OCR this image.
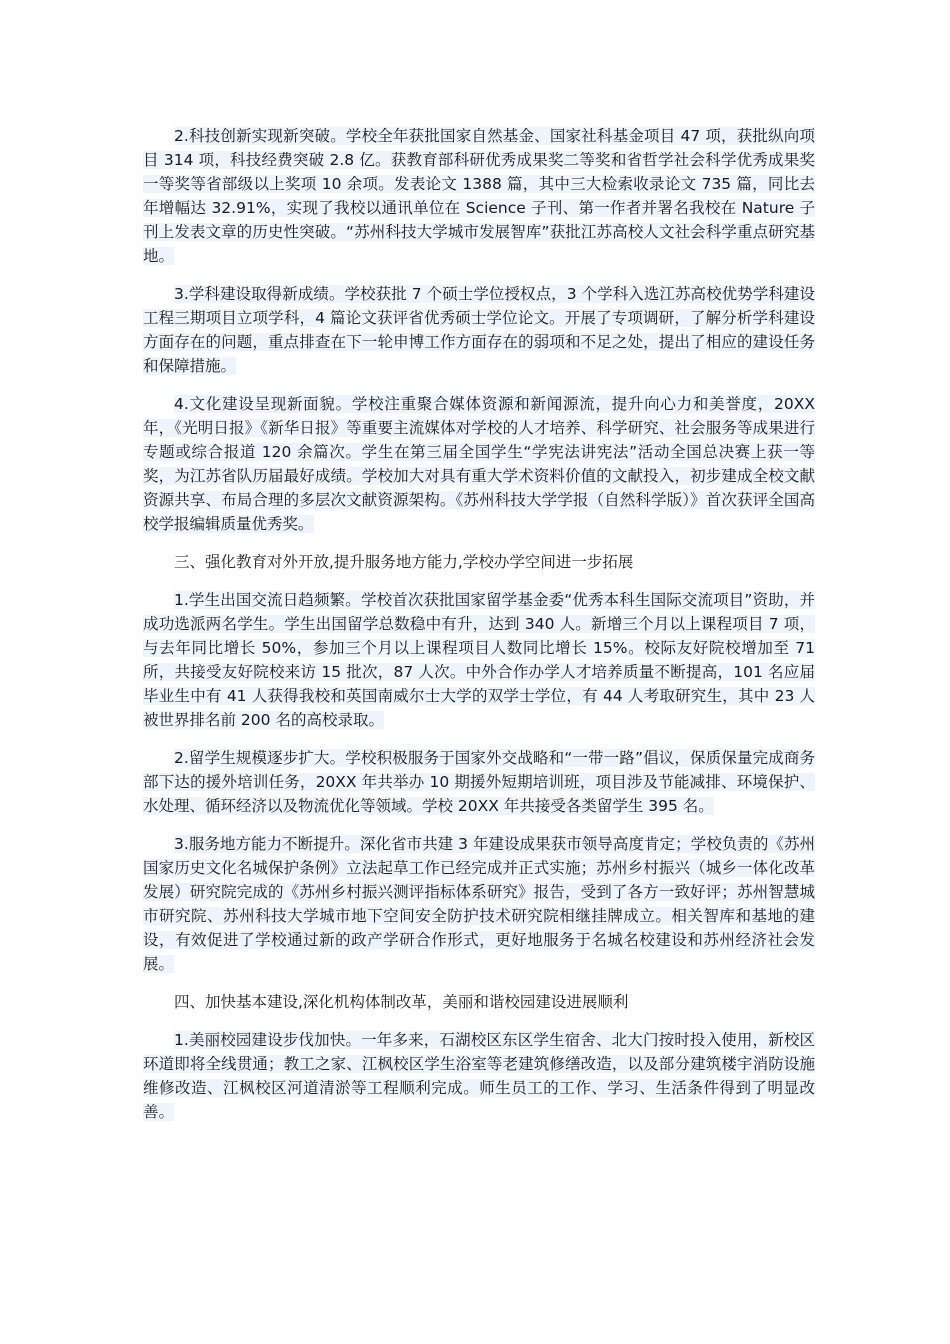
2.科技创新实现新突破。学校全年获批国家自然基金、国家社科基金项目 47 项，获批纵向项目 314 项，科技经费突破 2.8 亿。获教育部科研优秀成果奖二等奖和省哲学社会科学优秀成果奖一等奖等省部级以上奖项 10 余项。发表论文 1388 篇，其中三大检索收录论文 735 篇，同比去年增幅达 32.91%，实现了我校以通讯单位在 Science 子刊、第一作者并署名我校在 Nature 子刊上发表文章的历史性突破。“苏州科技大学城市发展智库”获批江苏高校人文社会科学重点研究基地。

3.学科建设取得新成绩。学校获批 7 个硕士学位授权点，3 个学科入选江苏高校优势学科建设工程三期项目立项学科，4 篇论文获评省优秀硕士学位论文。开展了专项调研，了解分析学科建设方面存在的问题，重点排查在下一轮申博工作方面存在的弱项和不足之处，提出了相应的建设任务和保障措施。

4.文化建设呈现新面貌。学校注重聚合媒体资源和新闻源流，提升向心力和美誉度，20XX 年，《光明日报》《新华日报》等重要主流媒体对学校的人才培养、科学研究、社会服务等成果进行专题或综合报道 120 余篇次。学生在第三届全国学生“学宪法讲宪法”活动全国总决赛上获一等奖，为江苏省队历届最好成绩。学校加大对具有重大学术资料价值的文献投入，初步建成全校文献资源共享、布局合理的多层次文献资源架构。《苏州科技大学学报（自然科学版）》首次获评全国高校学报编辑质量优秀奖。

三、强化教育对外开放,提升服务地方能力,学校办学空间进一步拓展

1.学生出国交流日趋频繁。学校首次获批国家留学基金委“优秀本科生国际交流项目”资助，并成功选派两名学生。学生出国留学总数稳中有升，达到 340 人。新增三个月以上课程项目 7 项，与去年同比增长 50%，参加三个月以上课程项目人数同比增长 15%。校际友好院校增加至 71 所，共接受友好院校来访 15 批次，87 人次。中外合作办学人才培养质量不断提高，101 名应届毕业生中有 41 人获得我校和英国南威尔士大学的双学士学位，有 44 人考取研究生，其中 23 人被世界排名前 200 名的高校录取。

2.留学生规模逐步扩大。学校积极服务于国家外交战略和“一带一路”倡议，保质保量完成商务部下达的援外培训任务，20XX 年共举办 10 期援外短期培训班，项目涉及节能减排、环境保护、水处理、循环经济以及物流优化等领域。学校 20XX 年共接受各类留学生 395 名。

3.服务地方能力不断提升。深化省市共建 3 年建设成果获市领导高度肯定；学校负责的《苏州国家历史文化名城保护条例》立法起草工作已经完成并正式实施；苏州乡村振兴（城乡一体化改革发展）研究院完成的《苏州乡村振兴测评指标体系研究》报告，受到了各方一致好评；苏州智慧城市研究院、苏州科技大学城市地下空间安全防护技术研究院相继挂牌成立。相关智库和基地的建设，有效促进了学校通过新的政产学研合作形式，更好地服务于名城名校建设和苏州经济社会发展。

四、加快基本建设,深化机构体制改革，美丽和谐校园建设进展顺利

1.美丽校园建设步伐加快。一年多来，石湖校区东区学生宿舍、北大门按时投入使用，新校区环道即将全线贯通；教工之家、江枫校区学生浴室等老建筑修缮改造，以及部分建筑楼宇消防设施维修改造、江枫校区河道清淤等工程顺利完成。师生员工的工作、学习、生活条件得到了明显改善。
